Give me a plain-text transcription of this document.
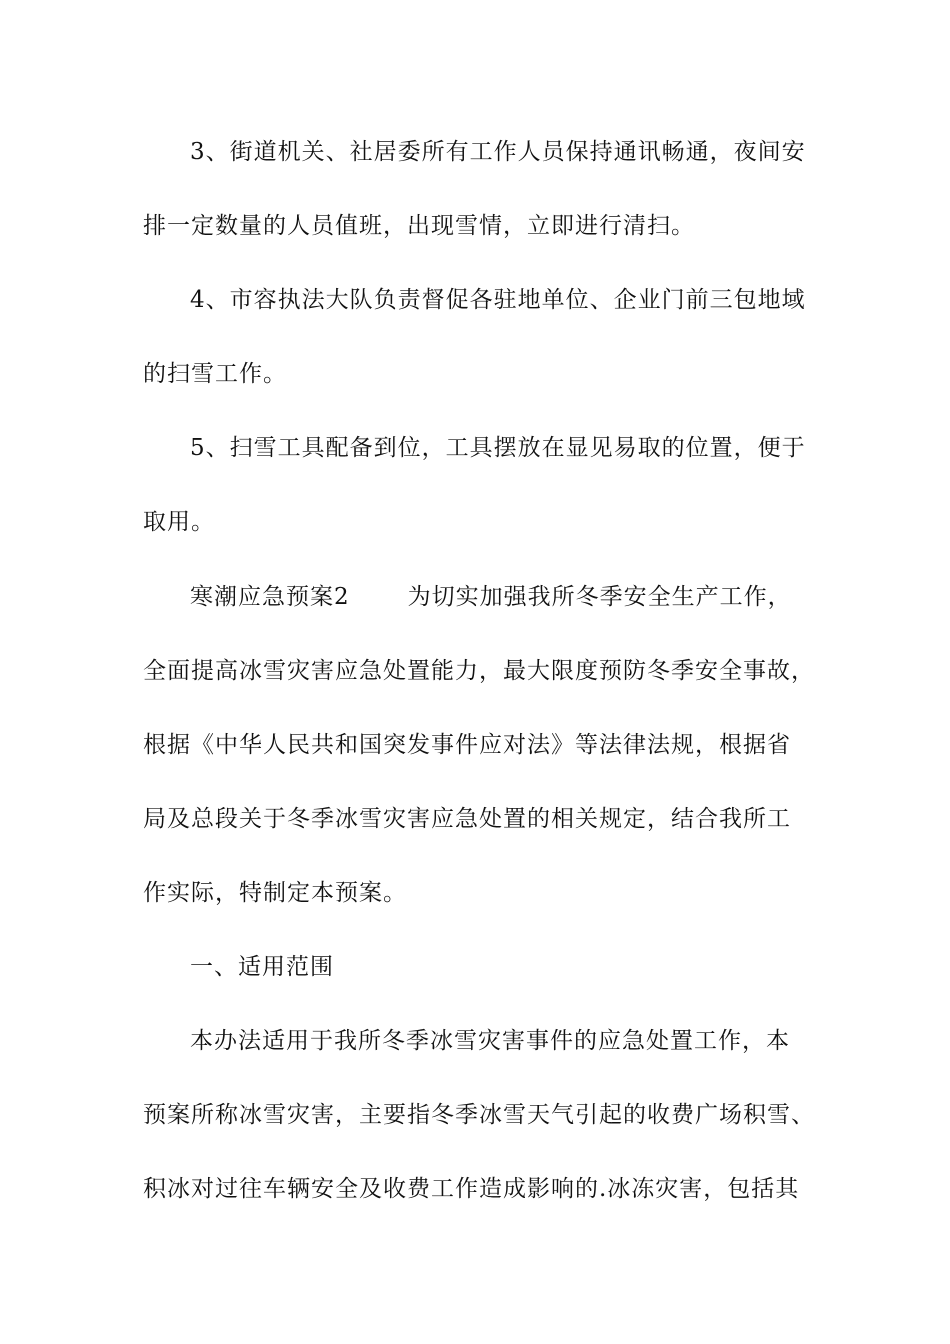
3、街道机关、社居委所有工作人员保持通讯畅通，夜间安
排一定数量的人员值班，出现雪情，立即进行清扫。
4、市容执法大队负责督促各驻地单位、企业门前三包地域
的扫雪工作。
5、扫雪工具配备到位，工具摆放在显见易取的位置，便于
取用。
寒潮应急预案2	为切实加强我所冬季安全生产工作，
全面提高冰雪灾害应急处置能力，最大限度预防冬季安全事故，
根据《中华人民共和国突发事件应对法》等法律法规，根据省
局及总段关于冬季冰雪灾害应急处置的相关规定，结合我所工
作实际，特制定本预案。
一、适用范围
本办法适用于我所冬季冰雪灾害事件的应急处置工作，本
预案所称冰雪灾害，主要指冬季冰雪天气引起的收费广场积雪、
积冰对过往车辆安全及收费工作造成影响的.冰冻灾害，包括其
